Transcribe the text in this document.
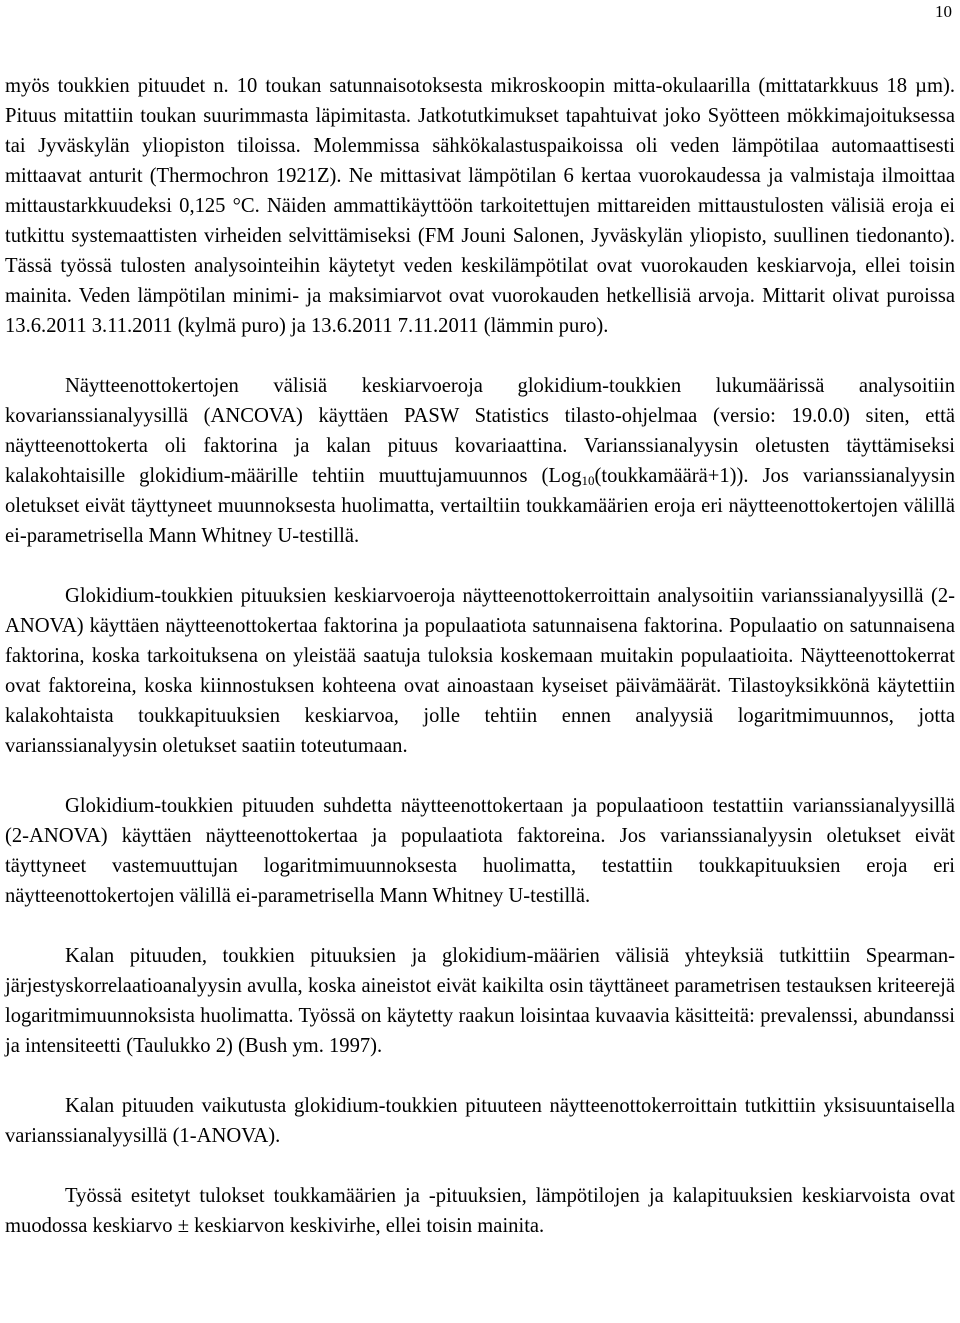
10

myös toukkien pituudet n. 10 toukan satunnaisotoksesta mikroskoopin mitta-okulaarilla (mittatarkkuus 18 µm). Pituus mitattiin toukan suurimmasta läpimitasta. Jatkotutkimukset tapahtuivat joko Syötteen mökkimajoituksessa tai Jyväskylän yliopiston tiloissa. Molemmissa sähkökalastuspaikoissa oli veden lämpötilaa automaattisesti mittaavat anturit (Thermochron 1921Z). Ne mittasivat lämpötilan 6 kertaa vuorokaudessa ja valmistaja ilmoittaa mittaustarkkuudeksi 0,125 °C. Näiden ammattikäyttöön tarkoitettujen mittareiden mittaustulosten välisiä eroja ei tutkittu systemaattisten virheiden selvittämiseksi (FM Jouni Salonen, Jyväskylän yliopisto, suullinen tiedonanto). Tässä työssä tulosten analysointeihin käytetyt veden keskilämpötilat ovat vuorokauden keskiarvoja, ellei toisin mainita. Veden lämpötilan minimi- ja maksimiarvot ovat vuorokauden hetkellisiä arvoja. Mittarit olivat puroissa 13.6.2011 3.11.2011 (kylmä puro) ja 13.6.2011 7.11.2011 (lämmin puro).

Näytteenottokertojen välisiä keskiarvoeroja glokidium-toukkien lukumäärissä analysoitiin kovarianssianalyysillä (ANCOVA) käyttäen PASW Statistics tilasto-ohjelmaa (versio: 19.0.0) siten, että näytteenottokerta oli faktorina ja kalan pituus kovariaattina. Varianssianalyysin oletusten täyttämiseksi kalakohtaisille glokidium-määrille tehtiin muuttujamuunnos (Log$_{10}$(toukkamäärä+1)). Jos varianssianalyysin oletukset eivät täyttyneet muunnoksesta huolimatta, vertailtiin toukkamäärien eroja eri näytteenottokertojen välillä ei-parametrisella Mann Whitney U-testillä.

Glokidium-toukkien pituuksien keskiarvoeroja näytteenottokerroittain analysoitiin varianssianalyysillä (2-ANOVA) käyttäen näytteenottokertaa faktorina ja populaatiota satunnaisena faktorina. Populaatio on satunnaisena faktorina, koska tarkoituksena on yleistää saatuja tuloksia koskemaan muitakin populaatioita. Näytteenottokerrat ovat faktoreina, koska kiinnostuksen kohteena ovat ainoastaan kyseiset päivämäärät. Tilastoyksikkönä käytettiin kalakohtaista toukkapituuksien keskiarvoa, jolle tehtiin ennen analyysiä logaritmimuunnos, jotta varianssianalyysin oletukset saatiin toteutumaan.

Glokidium-toukkien pituuden suhdetta näytteenottokertaan ja populaatioon testattiin varianssianalyysillä (2-ANOVA) käyttäen näytteenottokertaa ja populaatiota faktoreina. Jos varianssianalyysin oletukset eivät täyttyneet vastemuuttujan logaritmimuunnoksesta huolimatta, testattiin toukkapituuksien eroja eri näytteenottokertojen välillä ei-parametrisella Mann Whitney U-testillä.

Kalan pituuden, toukkien pituuksien ja glokidium-määrien välisiä yhteyksiä tutkittiin Spearman-järjestyskorrelaatioanalyysin avulla, koska aineistot eivät kaikilta osin täyttäneet parametrisen testauksen kriteerejä logaritmimuunnoksista huolimatta. Työssä on käytetty raakun loisintaa kuvaavia käsitteitä: prevalenssi, abundanssi ja intensiteetti (Taulukko 2) (Bush ym. 1997).

Kalan pituuden vaikutusta glokidium-toukkien pituuteen näytteenottokerroittain tutkittiin yksisuuntaisella varianssianalyysillä (1-ANOVA).

Työssä esitetyt tulokset toukkamäärien ja -pituuksien, lämpötilojen ja kalapituuksien keskiarvoista ovat muodossa keskiarvo ± keskiarvon keskivirhe, ellei toisin mainita.
